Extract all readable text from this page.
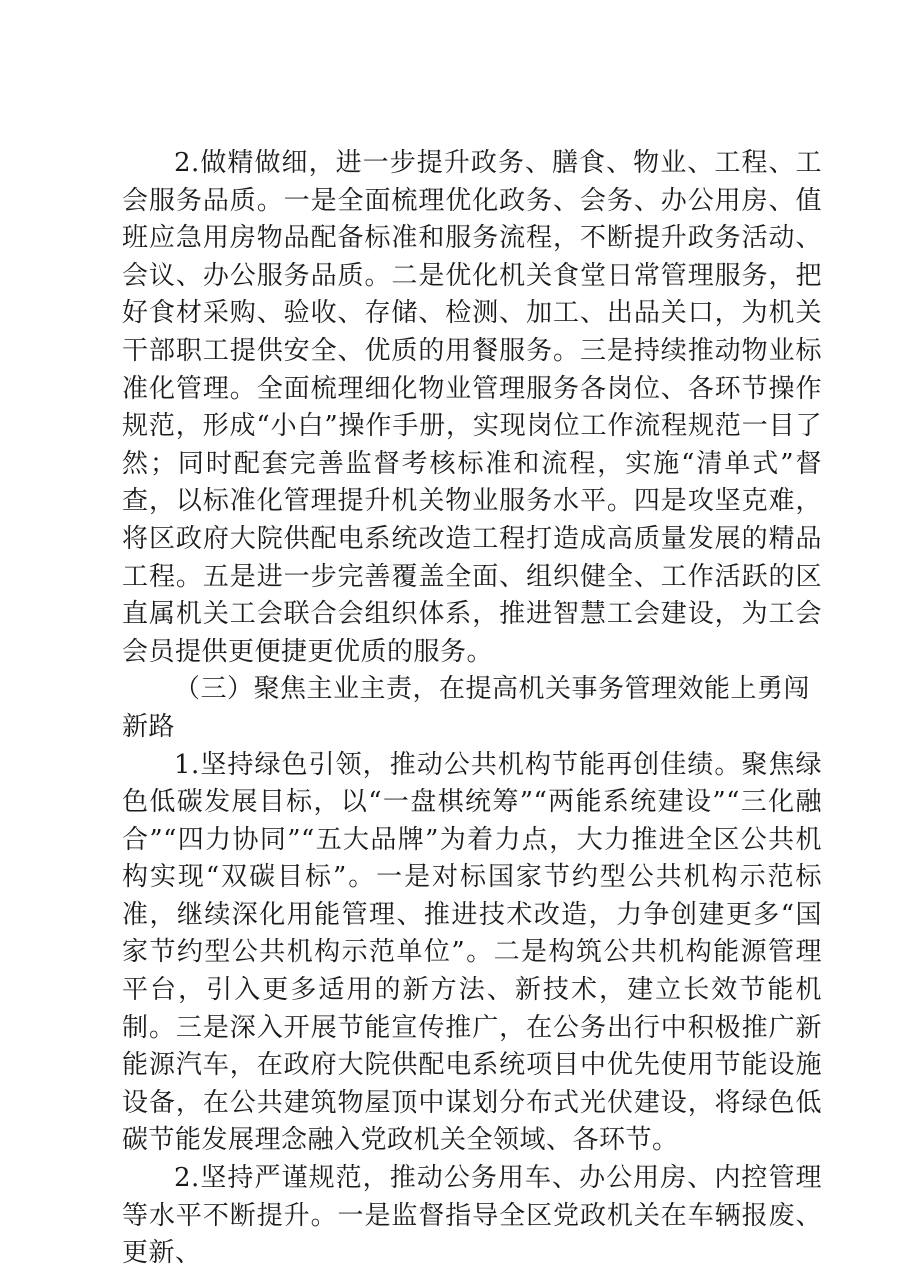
2.做精做细，进一步提升政务、膳食、物业、工程、工会服务品质。一是全面梳理优化政务、会务、办公用房、值班应急用房物品配备标准和服务流程，不断提升政务活动、会议、办公服务品质。二是优化机关食堂日常管理服务，把好食材采购、验收、存储、检测、加工、出品关口，为机关干部职工提供安全、优质的用餐服务。三是持续推动物业标准化管理。全面梳理细化物业管理服务各岗位、各环节操作规范，形成“小白”操作手册，实现岗位工作流程规范一目了然；同时配套完善监督考核标准和流程，实施“清单式”督查，以标准化管理提升机关物业服务水平。四是攻坚克难，将区政府大院供配电系统改造工程打造成高质量发展的精品工程。五是进一步完善覆盖全面、组织健全、工作活跃的区直属机关工会联合会组织体系，推进智慧工会建设，为工会会员提供更便捷更优质的服务。

（三）聚焦主业主责，在提高机关事务管理效能上勇闯新路

1.坚持绿色引领，推动公共机构节能再创佳绩。聚焦绿色低碳发展目标，以“一盘棋统筹”“两能系统建设”“三化融合”“四力协同”“五大品牌”为着力点，大力推进全区公共机构实现“双碳目标”。一是对标国家节约型公共机构示范标准，继续深化用能管理、推进技术改造，力争创建更多“国家节约型公共机构示范单位”。二是构筑公共机构能源管理平台，引入更多适用的新方法、新技术，建立长效节能机制。三是深入开展节能宣传推广，在公务出行中积极推广新能源汽车，在政府大院供配电系统项目中优先使用节能设施设备，在公共建筑物屋顶中谋划分布式光伏建设，将绿色低碳节能发展理念融入党政机关全领域、各环节。

2.坚持严谨规范，推动公务用车、办公用房、内控管理等水平不断提升。一是监督指导全区党政机关在车辆报废、更新、
